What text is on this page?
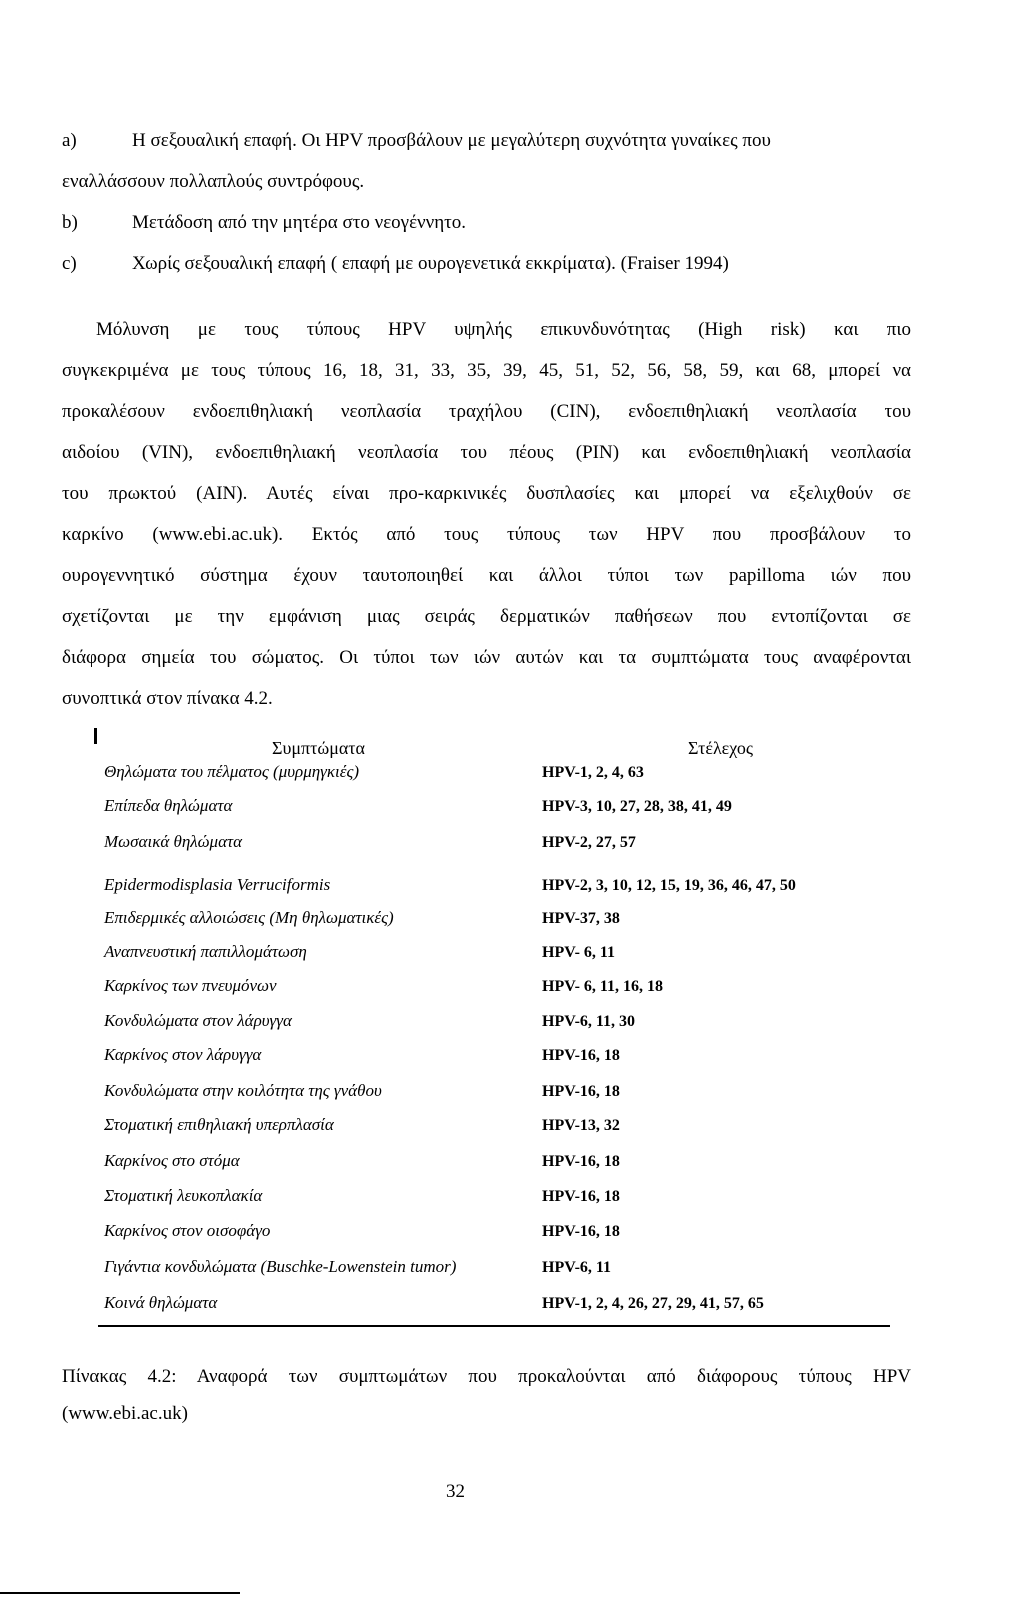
a)	Η σεξουαλική επαφή. Οι HPV προσβάλουν με μεγαλύτερη συχνότητα γυναίκες που
εναλλάσσουν πολλαπλούς συντρόφους.
b)	Μετάδοση από την μητέρα στο νεογέννητο.
c)	Χωρίς σεξουαλική επαφή ( επαφή με ουρογενετικά εκκρίματα). (Fraiser 1994)
Μόλυνση με τους τύπους HPV υψηλής επικυνδυνότητας (High risk) και πιο
συγκεκριμένα με τους τύπους 16, 18, 31, 33, 35, 39, 45, 51, 52, 56, 58, 59, και 68, μπορεί να
προκαλέσουν ενδοεπιθηλιακή νεοπλασία τραχήλου (CIN), ενδοεπιθηλιακή νεοπλασία του
αιδοίου (VIN), ενδοεπιθηλιακή νεοπλασία του πέους (PIN) και ενδοεπιθηλιακή νεοπλασία
του πρωκτού (AIN). Αυτές είναι προ-καρκινικές δυσπλασίες και μπορεί να εξελιχθούν σε
καρκίνο (www.ebi.ac.uk). Εκτός από τους τύπους των HPV που προσβάλουν το
ουρογεννητικό σύστημα έχουν ταυτοποιηθεί και άλλοι τύποι των papilloma ιών που
σχετίζονται με την εμφάνιση μιας σειράς δερματικών παθήσεων που εντοπίζονται σε
διάφορα σημεία του σώματος. Οι τύποι των ιών αυτών και τα συμπτώματα τους αναφέρονται
συνοπτικά στον πίνακα 4.2.
Συμπτώματα	Στέλεχος
Θηλώματα του πέλματος (μυρμηγκιές)	HPV-1, 2, 4, 63
Επίπεδα θηλώματα	HPV-3, 10, 27, 28, 38, 41, 49
Μωσαικά θηλώματα	HPV-2, 27, 57
Epidermodisplasia Verruciformis	HPV-2, 3, 10, 12, 15, 19, 36, 46, 47, 50
Επιδερμικές αλλοιώσεις (Μη θηλωματικές)	HPV-37, 38
Αναπνευστική παπιλλομάτωση	HPV- 6, 11
Καρκίνος των πνευμόνων	HPV- 6, 11, 16, 18
Κονδυλώματα στον λάρυγγα	HPV-6, 11, 30
Καρκίνος στον λάρυγγα	HPV-16, 18
Κονδυλώματα στην κοιλότητα της γνάθου	HPV-16, 18
Στοματική επιθηλιακή υπερπλασία	HPV-13, 32
Καρκίνος στο στόμα	HPV-16, 18
Στοματική λευκοπλακία	HPV-16, 18
Καρκίνος στον οισοφάγο	HPV-16, 18
Γιγάντια κονδυλώματα (Buschke-Lowenstein tumor)	HPV-6, 11
Κοινά θηλώματα	HPV-1, 2, 4, 26, 27, 29, 41, 57, 65
Πίνακας 4.2: Αναφορά των συμπτωμάτων που προκαλούνται από διάφορους τύπους HPV
(www.ebi.ac.uk)
32
